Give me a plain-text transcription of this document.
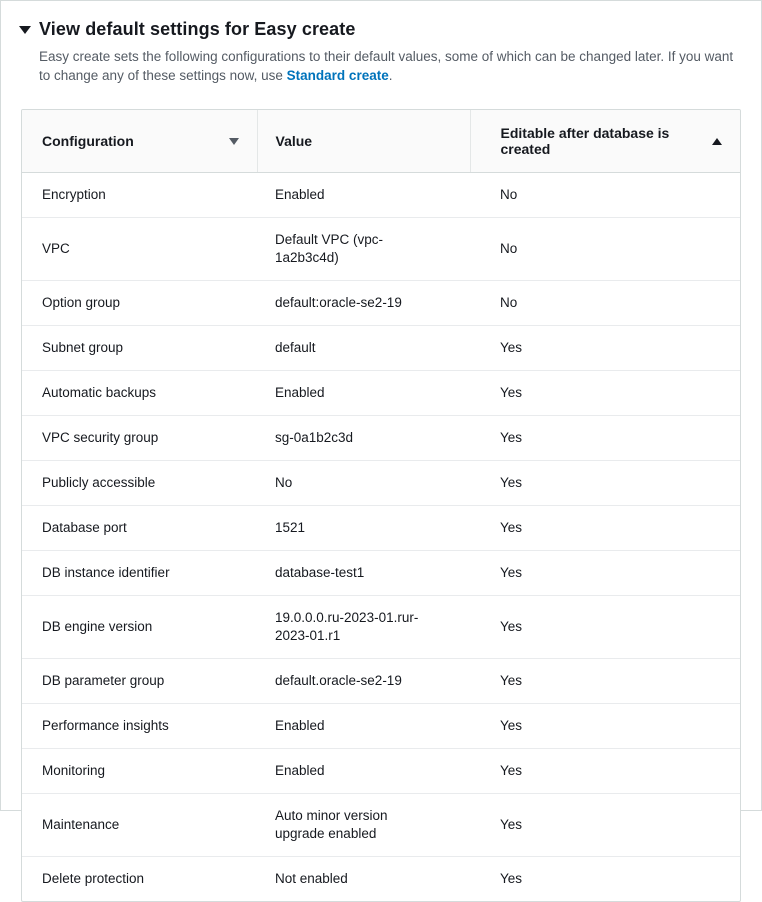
View default settings for Easy create

Easy create sets the following configurations to their default values, some of which can be changed later. If you want to change any of these settings now, use Standard create.

Configuration	Value	Editable after database is created

Encryption	Enabled	No
VPC	Default VPC (vpc-1a2b3c4d)	No
Option group	default:oracle-se2-19	No
Subnet group	default	Yes
Automatic backups	Enabled	Yes
VPC security group	sg-0a1b2c3d	Yes
Publicly accessible	No	Yes
Database port	1521	Yes
DB instance identifier	database-test1	Yes
DB engine version	19.0.0.0.ru-2023-01.rur-2023-01.r1	Yes
DB parameter group	default.oracle-se2-19	Yes
Performance insights	Enabled	Yes
Monitoring	Enabled	Yes
Maintenance	Auto minor version upgrade enabled	Yes
Delete protection	Not enabled	Yes
